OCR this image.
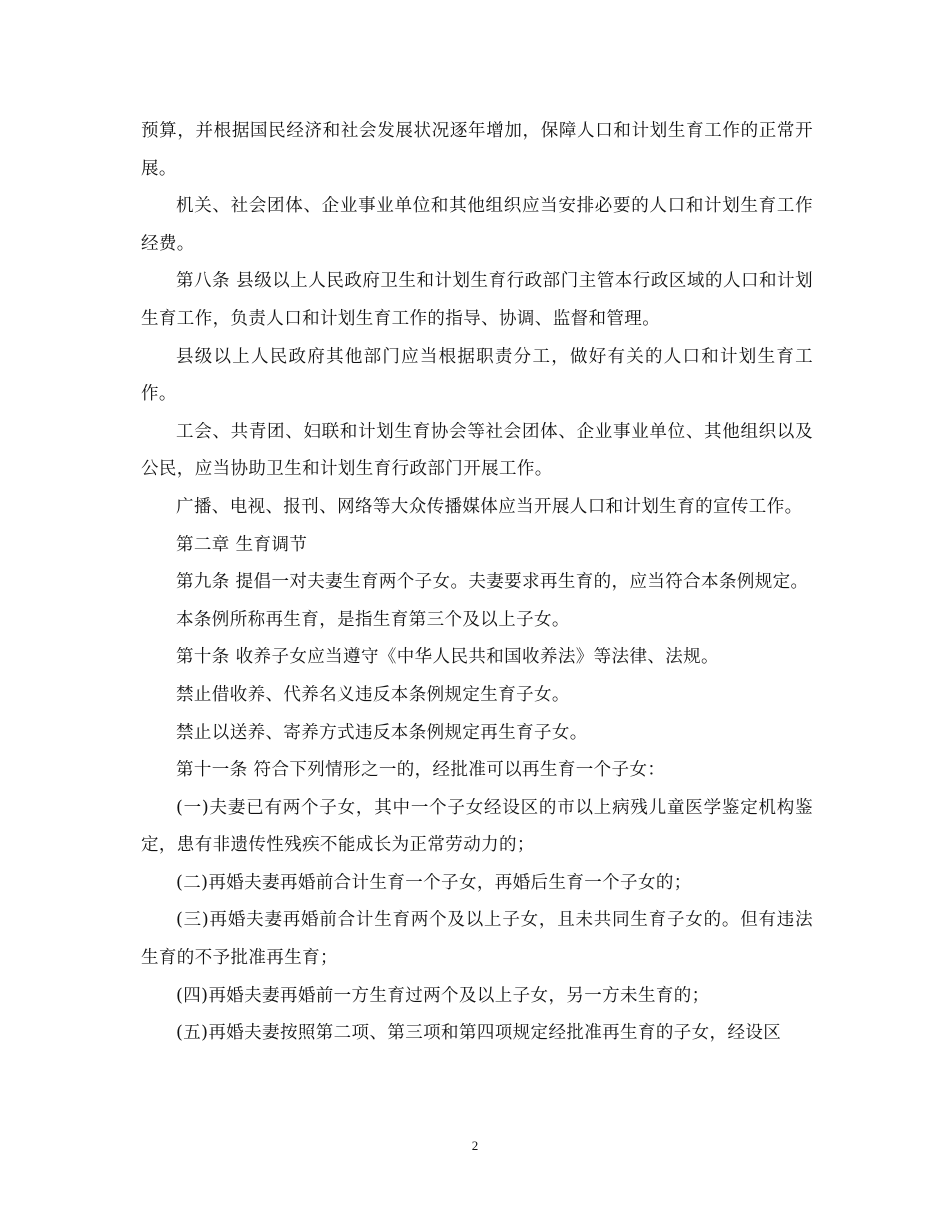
预算，并根据国民经济和社会发展状况逐年增加，保障人口和计划生育工作的正常开展。

机关、社会团体、企业事业单位和其他组织应当安排必要的人口和计划生育工作经费。

第八条 县级以上人民政府卫生和计划生育行政部门主管本行政区域的人口和计划生育工作，负责人口和计划生育工作的指导、协调、监督和管理。

县级以上人民政府其他部门应当根据职责分工，做好有关的人口和计划生育工作。

工会、共青团、妇联和计划生育协会等社会团体、企业事业单位、其他组织以及公民，应当协助卫生和计划生育行政部门开展工作。

广播、电视、报刊、网络等大众传播媒体应当开展人口和计划生育的宣传工作。

第二章 生育调节

第九条 提倡一对夫妻生育两个子女。夫妻要求再生育的，应当符合本条例规定。

本条例所称再生育，是指生育第三个及以上子女。

第十条 收养子女应当遵守《中华人民共和国收养法》等法律、法规。

禁止借收养、代养名义违反本条例规定生育子女。

禁止以送养、寄养方式违反本条例规定再生育子女。

第十一条 符合下列情形之一的，经批准可以再生育一个子女：

(一)夫妻已有两个子女，其中一个子女经设区的市以上病残儿童医学鉴定机构鉴定，患有非遗传性残疾不能成长为正常劳动力的；

(二)再婚夫妻再婚前合计生育一个子女，再婚后生育一个子女的；

(三)再婚夫妻再婚前合计生育两个及以上子女，且未共同生育子女的。但有违法生育的不予批准再生育；

(四)再婚夫妻再婚前一方生育过两个及以上子女，另一方未生育的；

(五)再婚夫妻按照第二项、第三项和第四项规定经批准再生育的子女，经设区

2
